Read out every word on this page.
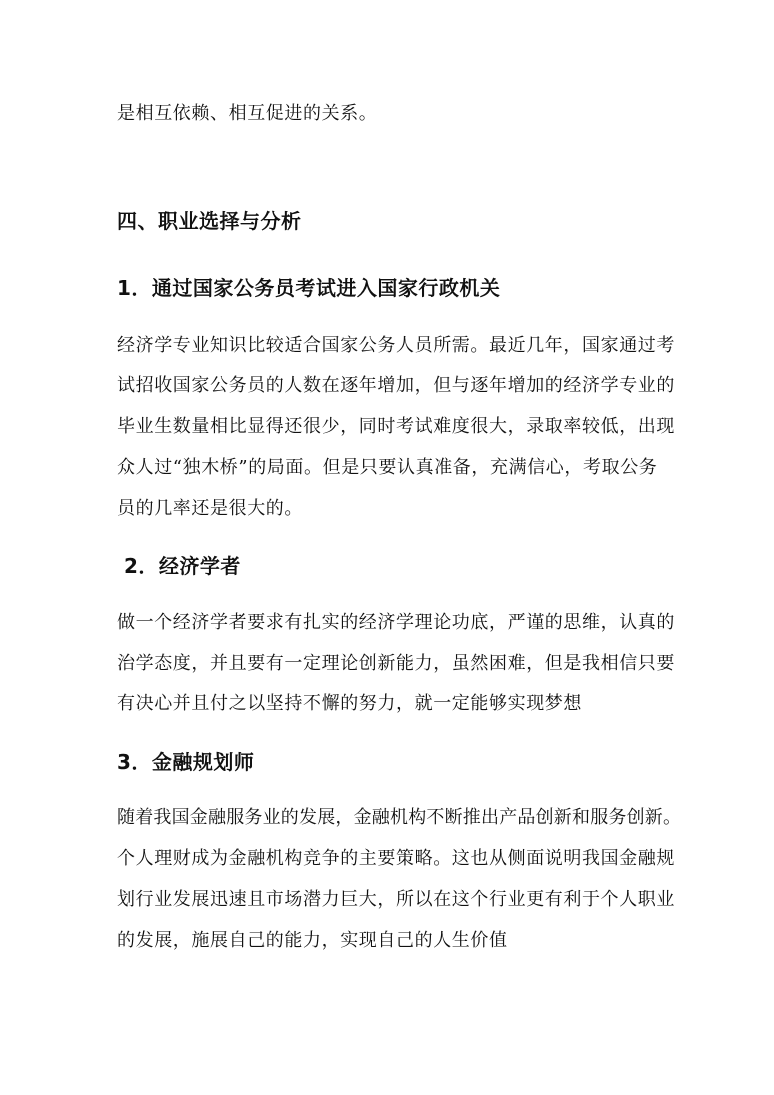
是相互依赖、相互促进的关系。
四、职业选择与分析
1．通过国家公务员考试进入国家行政机关
经济学专业知识比较适合国家公务人员所需。最近几年，国家通过考
试招收国家公务员的人数在逐年增加，但与逐年增加的经济学专业的
毕业生数量相比显得还很少，同时考试难度很大，录取率较低，出现
众人过“独木桥”的局面。但是只要认真准备，充满信心，考取公务
员的几率还是很大的。
2．经济学者
做一个经济学者要求有扎实的经济学理论功底，严谨的思维，认真的
治学态度，并且要有一定理论创新能力，虽然困难，但是我相信只要
有决心并且付之以坚持不懈的努力，就一定能够实现梦想
3．金融规划师
随着我国金融服务业的发展，金融机构不断推出产品创新和服务创新。
个人理财成为金融机构竞争的主要策略。这也从侧面说明我国金融规
划行业发展迅速且市场潜力巨大，所以在这个行业更有利于个人职业
的发展，施展自己的能力，实现自己的人生价值
